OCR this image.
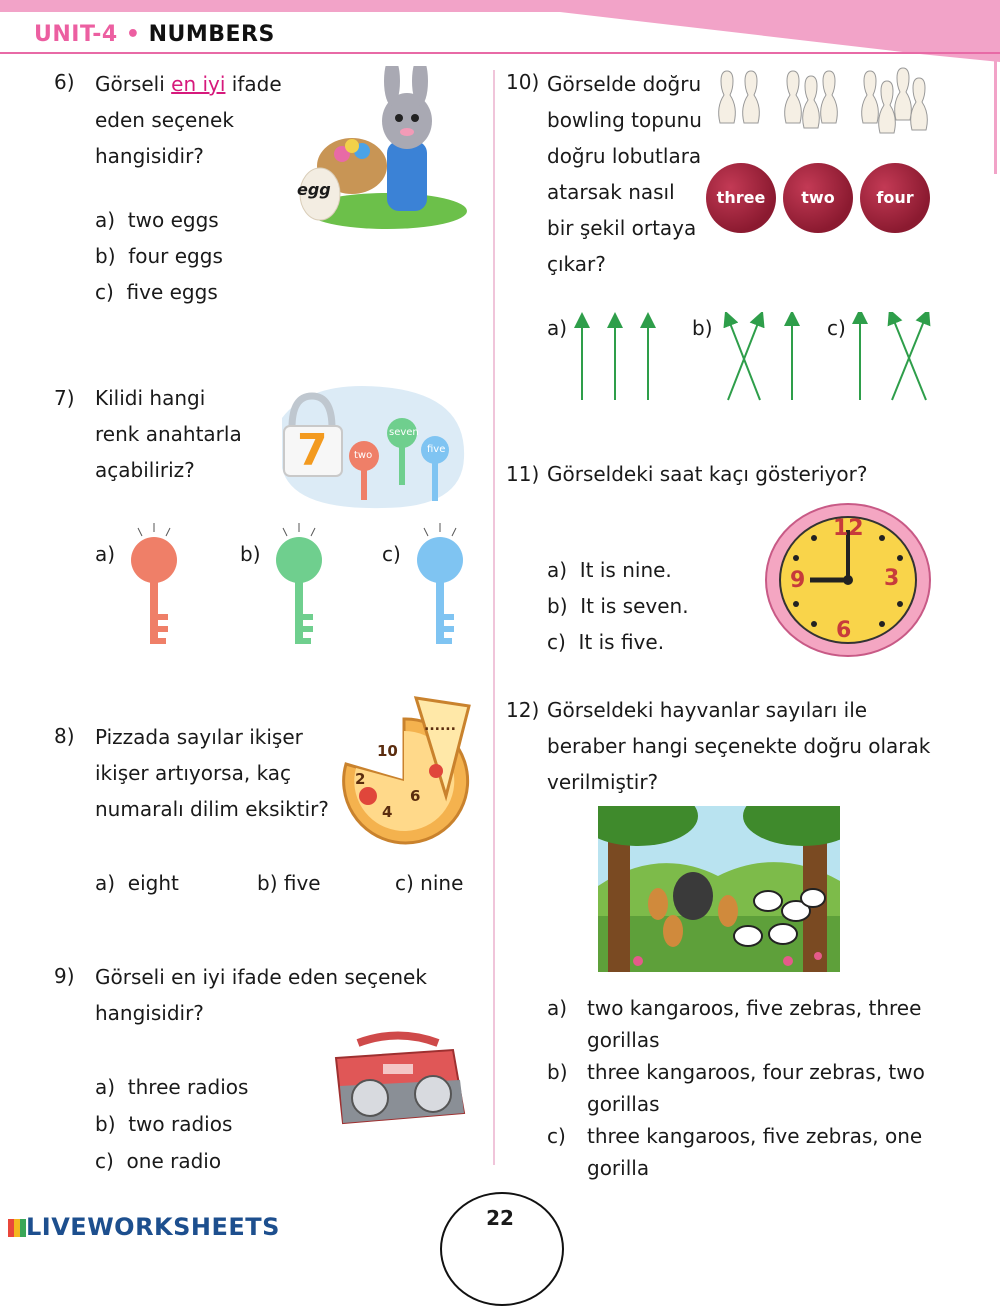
UNIT-4 • NUMBERS
6) Görseli en iyi ifade
eden seçenek
hangisidir?
egg
a) two eggs
b) four eggs
c) five eggs
7) Kilidi hangi
renk anahtarla
açabiliriz?	7	two
seven
five
a)	b)	c)
8) Pizzada sayılar ikişer
ikişer artıyorsa, kaç
numaralı dilim eksiktir?
10
2
4
6
......
a) eight	b) five	c) nine
9) Görseli en iyi ifade eden seçenek
hangisidir?
a) three radios
b) two radios
c) one radio
10) Görselde doğru
bowling topunu
doğru lobutlara
atarsak nasıl
bir şekil ortaya
çıkar?
three	two	four
a)	b)	c)
11) Görseldeki saat kaçı gösteriyor?
12
3
6
9
a) It is nine.
b) It is seven.
c) It is five.
12) Görseldeki hayvanlar sayıları ile
beraber hangi seçenekte doğru olarak
verilmiştir?
a) two kangaroos, five zebras, three
gorillas
b) three kangaroos, four zebras, two
gorillas
c) three kangaroos, five zebras, one
gorilla
LIVEWORKSHEETS	22
